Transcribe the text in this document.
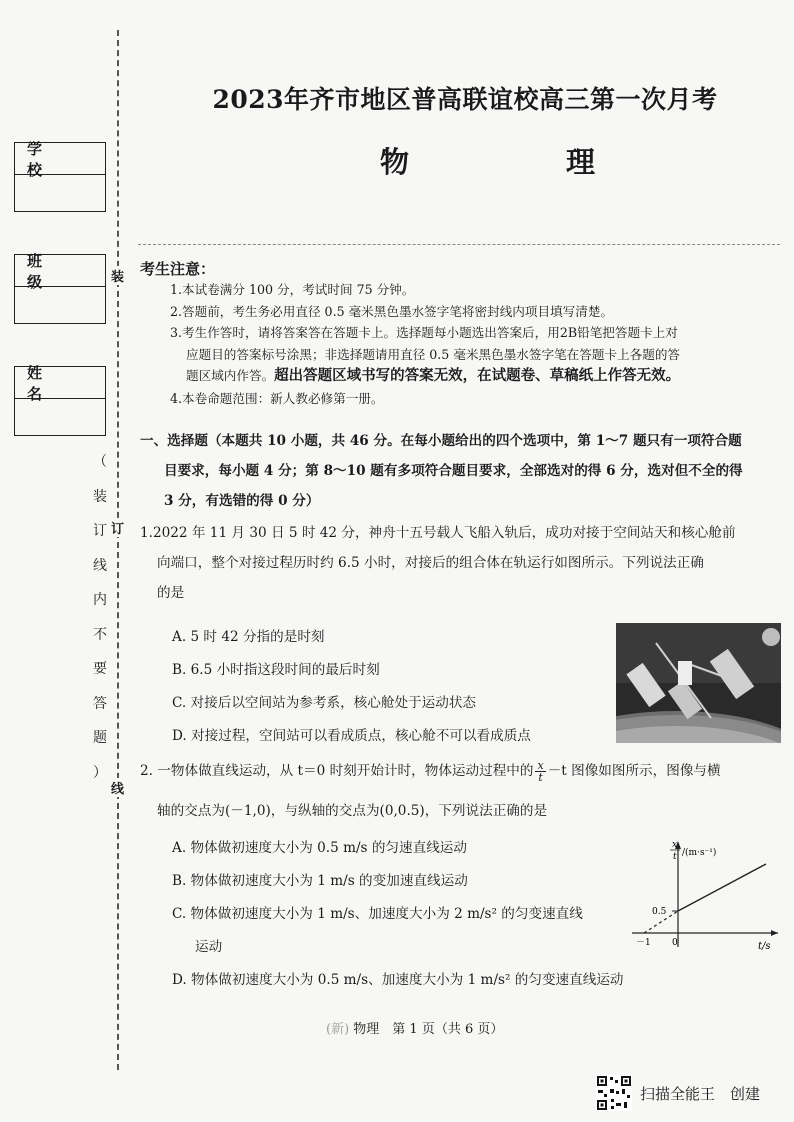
学　校
班　级
姓　名
装
订
线
（
装
订
线
内
不
要
答
题
）
2023年齐市地区普高联谊校高三第一次月考
物　理
考生注意：

1.本试卷满分 100 分，考试时间 75 分钟。

2.答题前，考生务必用直径 0.5 毫米黑色墨水签字笔将密封线内项目填写清楚。

3.考生作答时，请将答案答在答题卡上。选择题每小题选出答案后，用2B铅笔把答题卡上对

应题目的答案标号涂黑；非选择题请用直径 0.5 毫米黑色墨水签字笔在答题卡上各题的答

题区域内作答。超出答题区域书写的答案无效，在试题卷、草稿纸上作答无效。

4.本卷命题范围：新人教必修第一册。

一、选择题（本题共 10 小题，共 46 分。在每小题给出的四个选项中，第 1～7 题只有一项符合题
目要求，每小题 4 分；第 8～10 题有多项符合题目要求，全部选对的得 6 分，选对但不全的得
3 分，有选错的得 0 分）
1.2022 年 11 月 30 日 5 时 42 分，神舟十五号载人飞船入轨后，成功对接于空间站天和核心舱前
向端口，整个对接过程历时约 6.5 小时，对接后的组合体在轨运行如图所示。下列说法正确
的是
A. 5 时 42 分指的是时刻
B. 6.5 小时指这段时间的最后时刻
C. 对接后以空间站为参考系，核心舱处于运动状态
D. 对接过程，空间站可以看成质点，核心舱不可以看成质点
2. 一物体做直线运动，从 t＝0 时刻开始计时，物体运动过程中的 $\frac{x}{t} -t$ 图像如图所示，图像与横
轴的交点为(－1,0)，与纵轴的交点为(0,0.5)，下列说法正确的是
A. 物体做初速度大小为 0.5 m/s 的匀速直线运动
B. 物体做初速度大小为 1 m/s 的变加速直线运动
C. 物体做初速度大小为 1 m/s、加速度大小为 2 m/s² 的匀变速直线
运动
D. 物体做初速度大小为 0.5 m/s、加速度大小为 1 m/s² 的匀变速直线运动
x
t /(m·s⁻¹)
0.5
－1 0	t/s
(新) 物理　第 1 页（共 6 页）
扫描全能王　创建
